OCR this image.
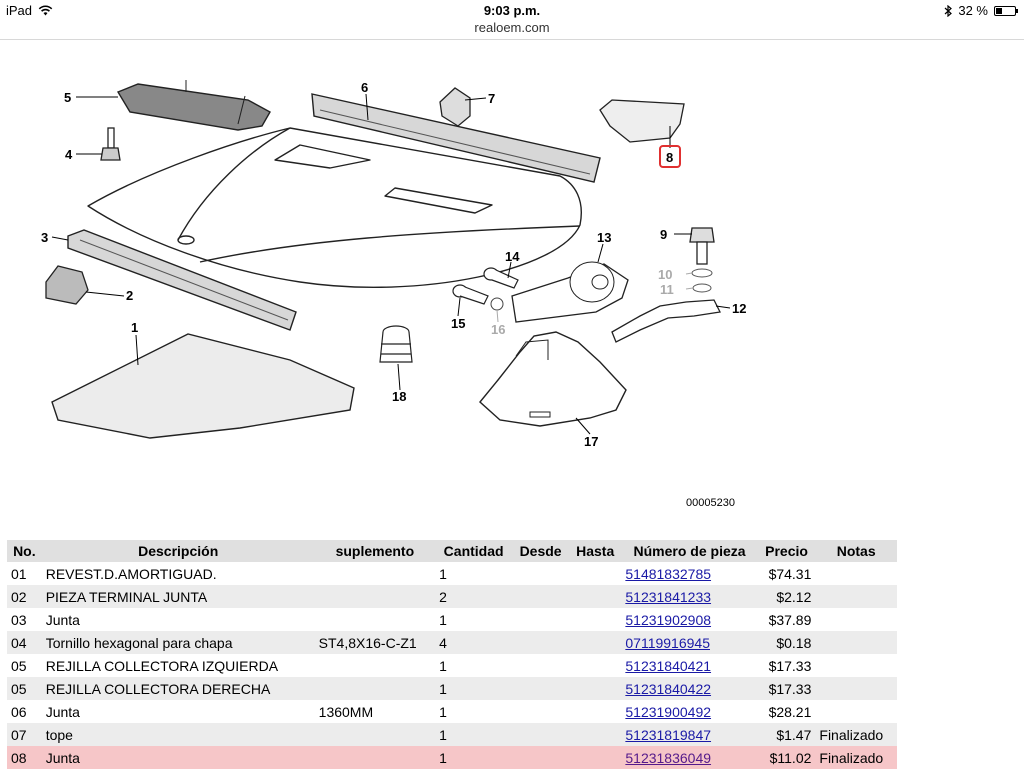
iPad	9:03 p.m.	32 %
realoem.com
1
2
3
4
5
6
7
8
9
10
11
12
13
14
15 16
17
18
00005230
No.	Descripción	suplemento	Cantidad	Desde	Hasta	Número de pieza	Precio	Notas
01	REVEST.D.AMORTIGUAD.		1			51481832785	$74.31	
02	PIEZA TERMINAL JUNTA		2			51231841233	$2.12	
03	Junta		1			51231902908	$37.89	
04	Tornillo hexagonal para chapa	ST4,8X16-C-Z1	4			07119916945	$0.18	
05	REJILLA COLLECTORA IZQUIERDA		1			51231840421	$17.33	
05	REJILLA COLLECTORA DERECHA		1			51231840422	$17.33	
06	Junta	1360MM	1			51231900492	$28.21	
07	tope		1			51231819847	$1.47	Finalizado
08	Junta		1			51231836049	$11.02	Finalizado
